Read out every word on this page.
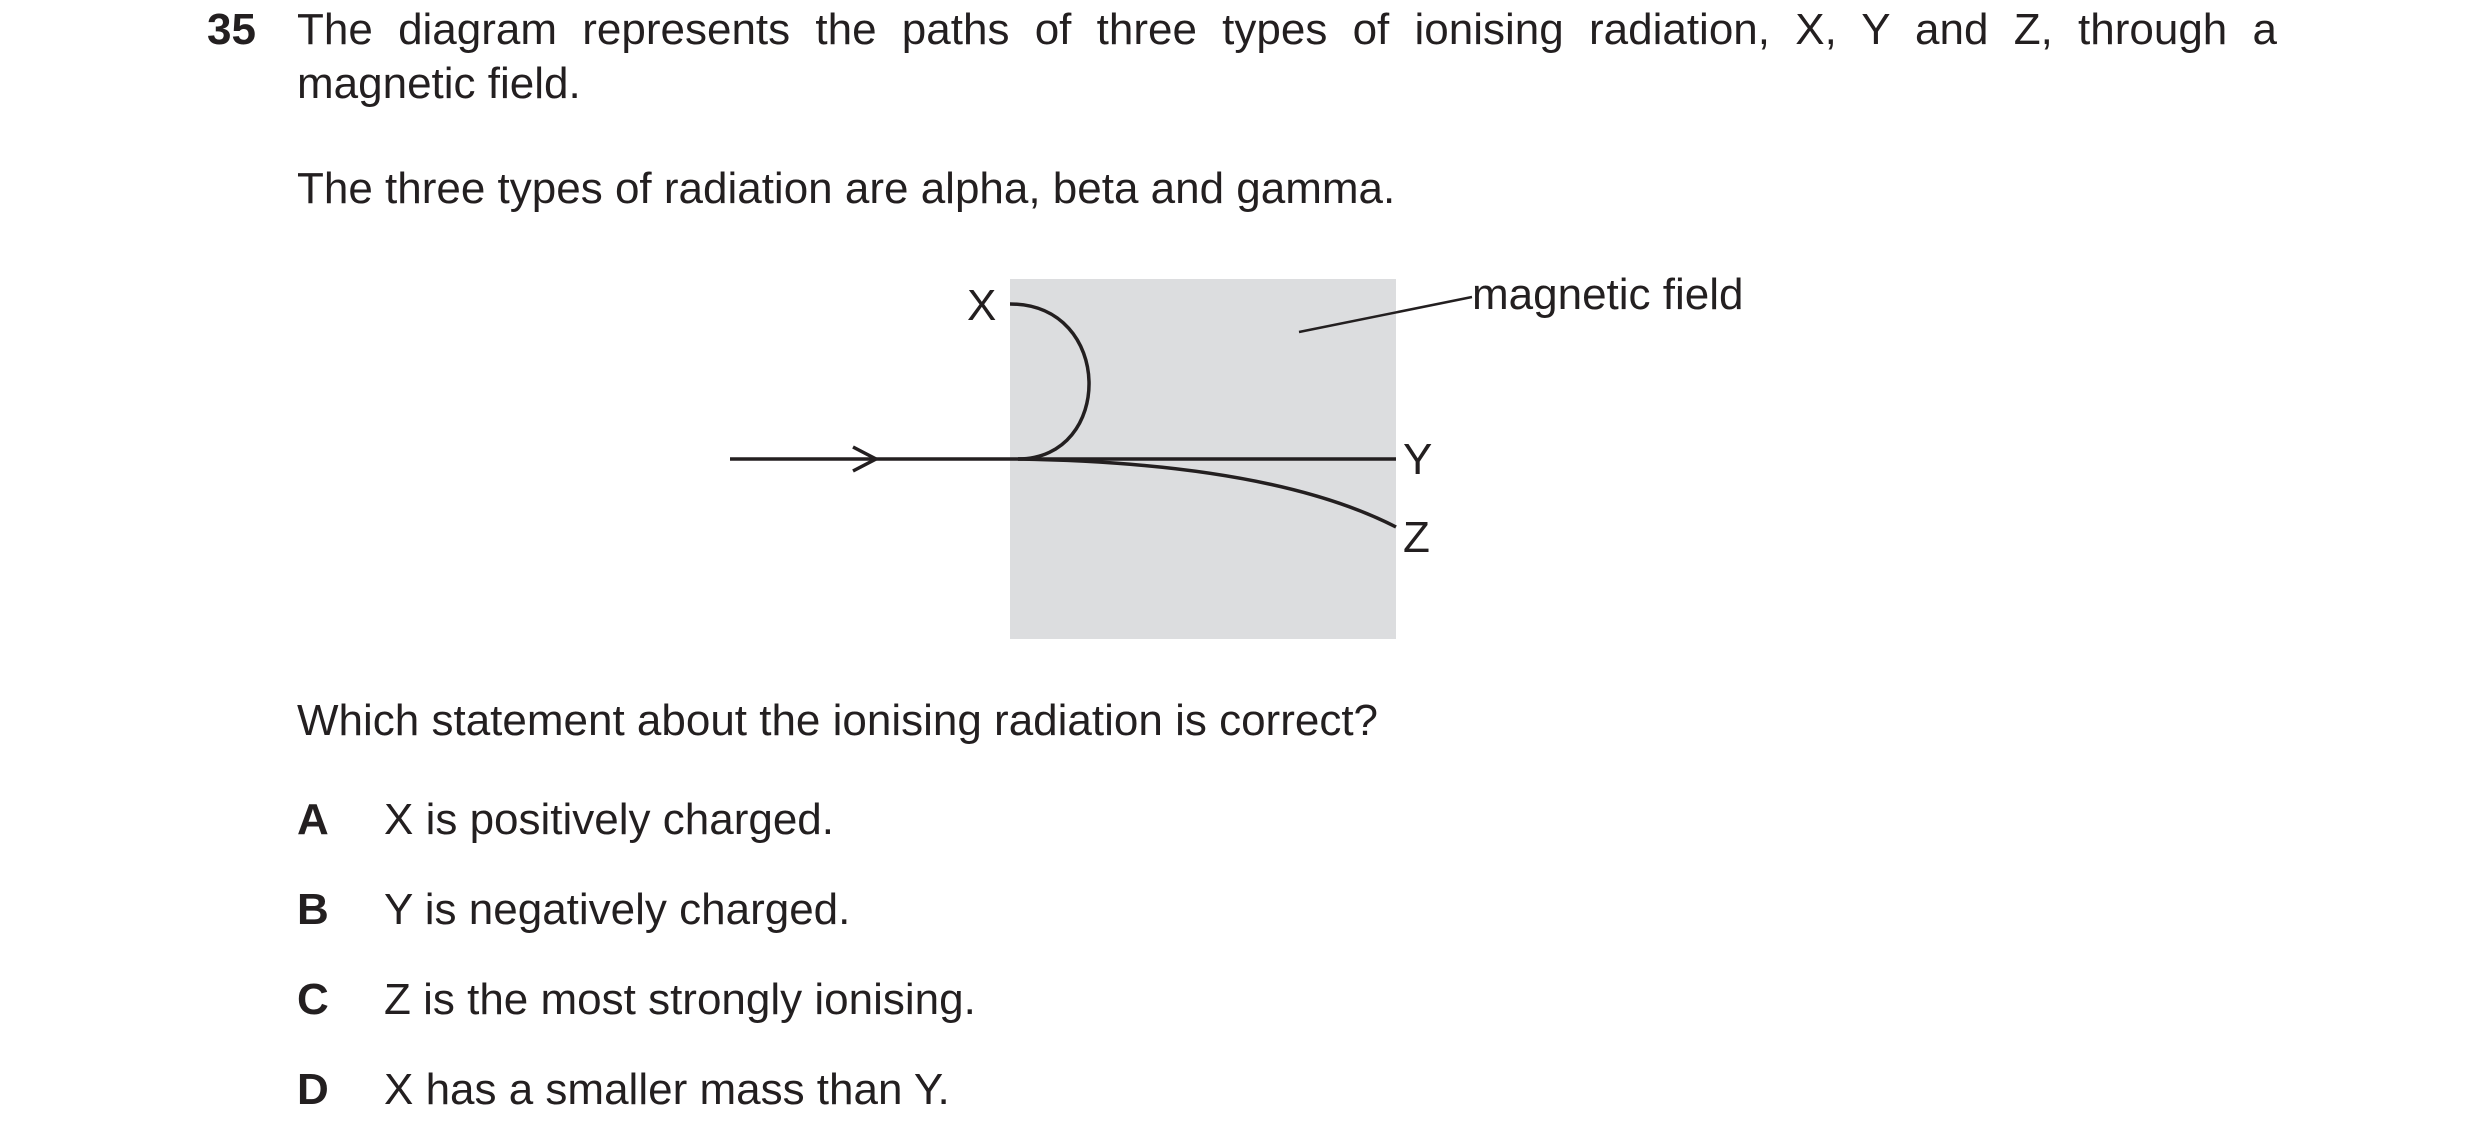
35 The diagram represents the paths of three types of ionising radiation, X, Y and Z, through a
magnetic field.
The three types of radiation are alpha, beta and gamma.
X
Y
Z
magnetic field
Which statement about the ionising radiation is correct?
A X is positively charged.
B Y is negatively charged.
C Z is the most strongly ionising.
D X has a smaller mass than Y.
